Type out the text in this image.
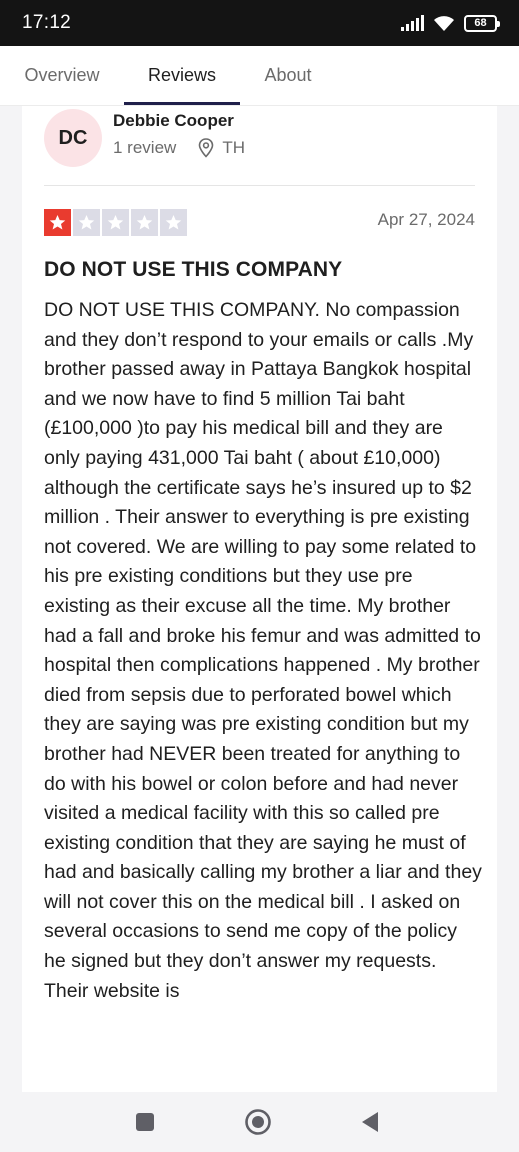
17:12	68
Overview	Reviews	About
DC
Debbie Cooper
1 review	TH
Apr 27, 2024
DO NOT USE THIS COMPANY
DO NOT USE THIS COMPANY. No compassion and they don’t respond to your emails or calls .My brother passed away in Pattaya Bangkok hospital and we now have to find 5 million Tai baht (£100,000 )to pay his medical bill and they are only paying 431,000 Tai baht ( about £10,000) although the certificate says he’s insured up to $2 million . Their answer to everything is pre existing not covered. We are willing to pay some related to his pre existing conditions but they use pre existing as their excuse all the time. My brother had a fall and broke his femur and was admitted to hospital then complications happened . My brother died from sepsis due to perforated bowel which they are saying was pre existing condition but my brother had NEVER been treated for anything to do with his bowel or colon before and had never visited a medical facility with this so called pre existing condition that they are saying he must of had and basically calling my brother a liar and they will not cover this on the medical bill . I asked on several occasions to send me copy of the policy he signed but they don’t answer my requests. Their website is
